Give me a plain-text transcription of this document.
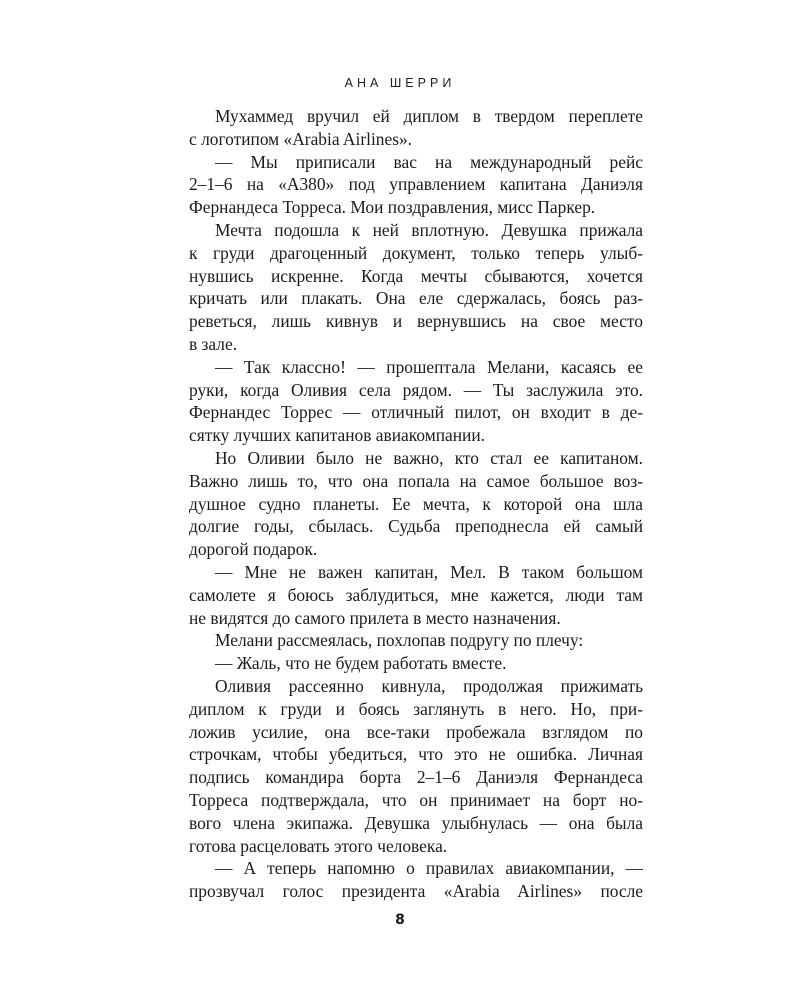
АНА ШЕРРИ
Мухаммед вручил ей диплом в твердом переплете
с логотипом «Arabia Airlines».
— Мы приписали вас на международный рейс
2–1–6 на «А380» под управлением капитана Даниэля
Фернандеса Торреса. Мои поздравления, мисс Паркер.
Мечта подошла к ней вплотную. Девушка прижала
к груди драгоценный документ, только теперь улыб-
нувшись искренне. Когда мечты сбываются, хочется
кричать или плакать. Она еле сдержалась, боясь раз-
реветься, лишь кивнув и вернувшись на свое место
в зале.
— Так классно! — прошептала Мелани, касаясь ее
руки, когда Оливия села рядом. — Ты заслужила это.
Фернандес Торрес — отличный пилот, он входит в де-
сятку лучших капитанов авиакомпании.
Но Оливии было не важно, кто стал ее капитаном.
Важно лишь то, что она попала на самое большое воз-
душное судно планеты. Ее мечта, к которой она шла
долгие годы, сбылась. Судьба преподнесла ей самый
дорогой подарок.
— Мне не важен капитан, Мел. В таком большом
самолете я боюсь заблудиться, мне кажется, люди там
не видятся до самого прилета в место назначения.
Мелани рассмеялась, похлопав подругу по плечу:
— Жаль, что не будем работать вместе.
Оливия рассеянно кивнула, продолжая прижимать
диплом к груди и боясь заглянуть в него. Но, при-
ложив усилие, она все-таки пробежала взглядом по
строчкам, чтобы убедиться, что это не ошибка. Личная
подпись командира борта 2–1–6 Даниэля Фернандеса
Торреса подтверждала, что он принимает на борт но-
вого члена экипажа. Девушка улыбнулась — она была
готова расцеловать этого человека.
— А теперь напомню о правилах авиакомпании, —
прозвучал голос президента «Arabia Airlines» после
8
